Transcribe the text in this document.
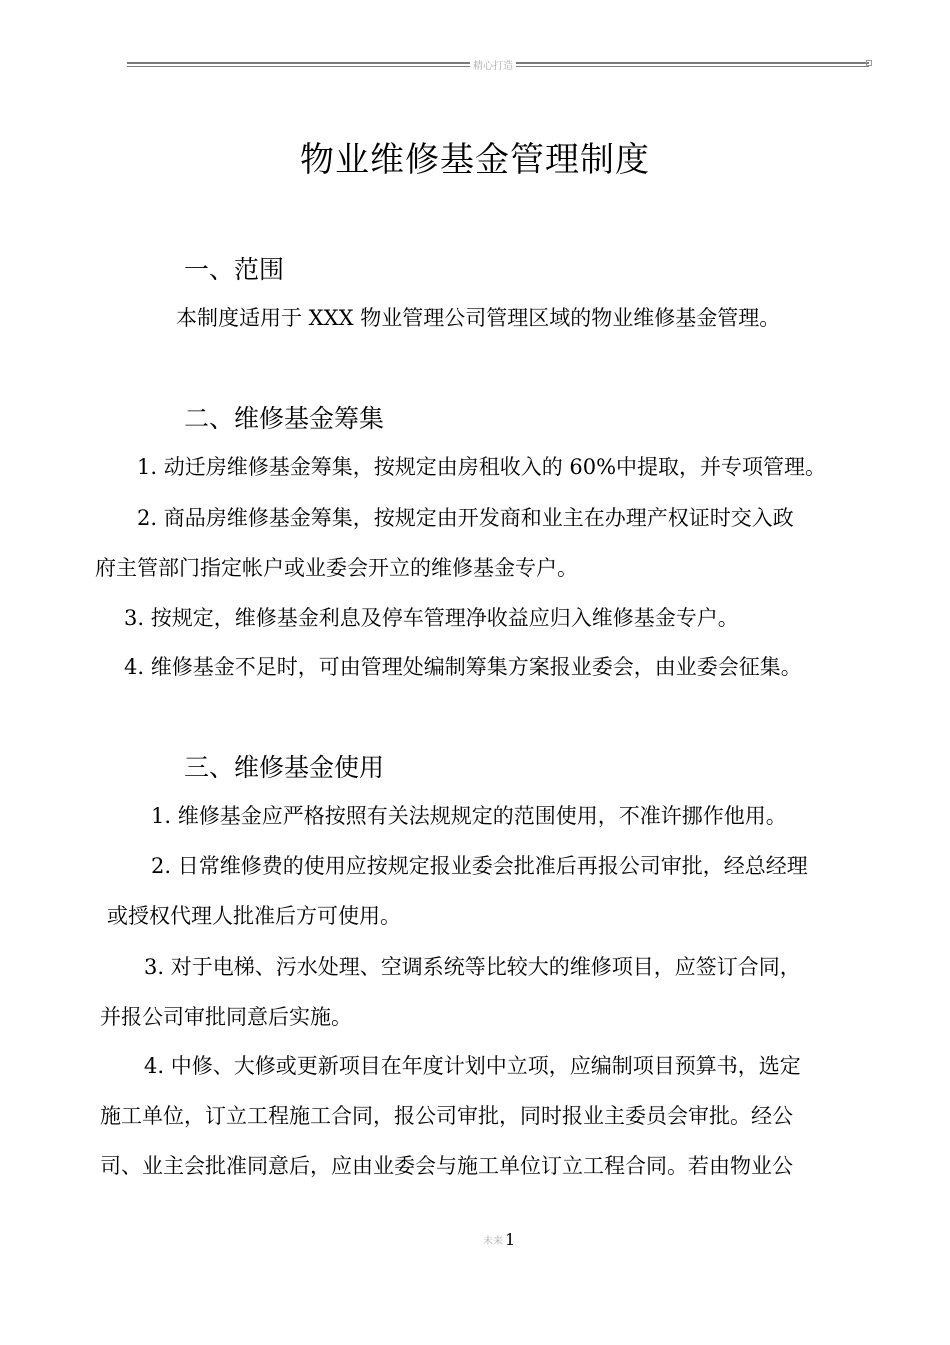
精心打造
物业维修基金管理制度
一、范围
本制度适用于 XXX 物业管理公司管理区域的物业维修基金管理。
二、维修基金筹集
1. 动迁房维修基金筹集，按规定由房租收入的 60%中提取，并专项管理。
2. 商品房维修基金筹集，按规定由开发商和业主在办理产权证时交入政
府主管部门指定帐户或业委会开立的维修基金专户。
3. 按规定，维修基金利息及停车管理净收益应归入维修基金专户。
4. 维修基金不足时，可由管理处编制筹集方案报业委会，由业委会征集。
三、维修基金使用
1. 维修基金应严格按照有关法规规定的范围使用，不准许挪作他用。
2. 日常维修费的使用应按规定报业委会批准后再报公司审批，经总经理
或授权代理人批准后方可使用。
3. 对于电梯、污水处理、空调系统等比较大的维修项目，应签订合同，
并报公司审批同意后实施。
4. 中修、大修或更新项目在年度计划中立项，应编制项目预算书，选定
施工单位，订立工程施工合同，报公司审批，同时报业主委员会审批。经公
司、业主会批准同意后，应由业委会与施工单位订立工程合同。若由物业公
未来 1
